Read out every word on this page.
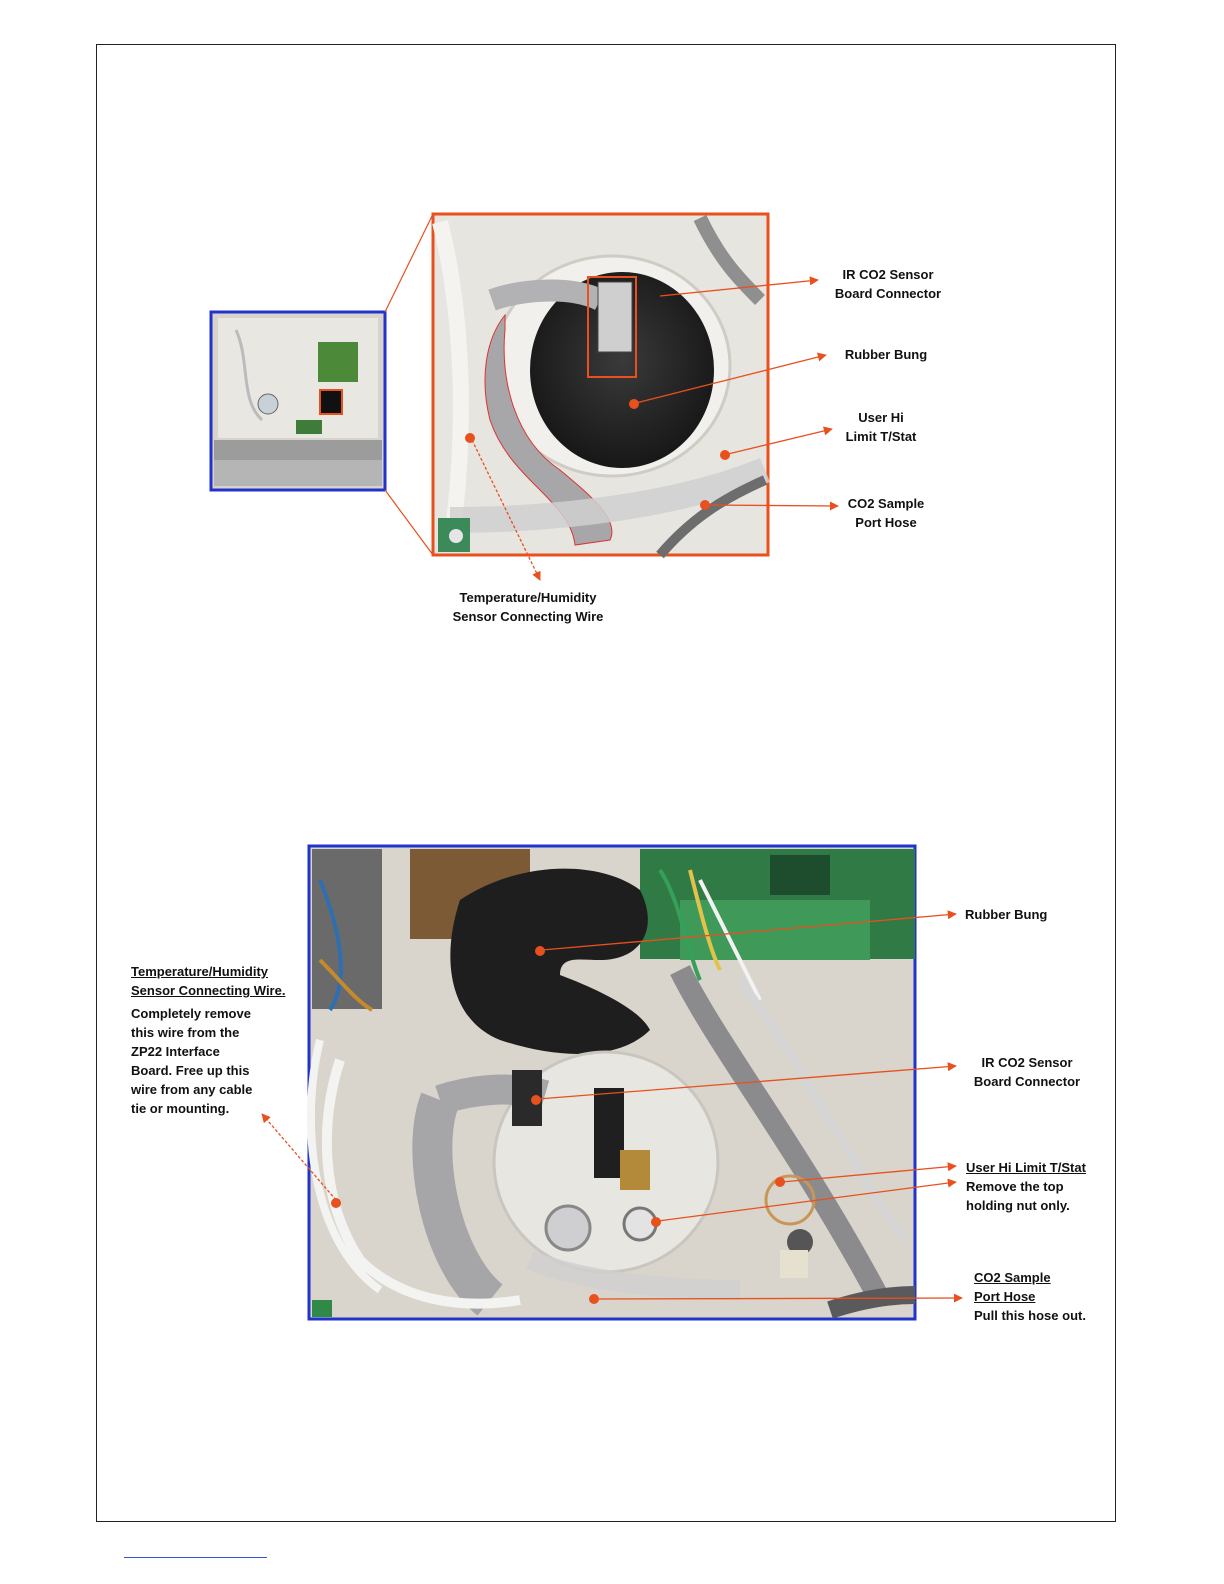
IR CO2 Sensor
Board Connector
Rubber Bung
User Hi
Limit T/Stat
CO2 Sample
Port Hose
Temperature/Humidity
Sensor Connecting Wire
Temperature/Humidity
Sensor Connecting Wire.
Completely remove
this wire from the
ZP22 Interface
Board. Free up this
wire from any cable
tie or mounting.
Rubber Bung
IR CO2 Sensor
Board Connector
User Hi Limit T/Stat
Remove the top
holding nut only.
CO2 Sample
Port Hose
Pull this hose out.
